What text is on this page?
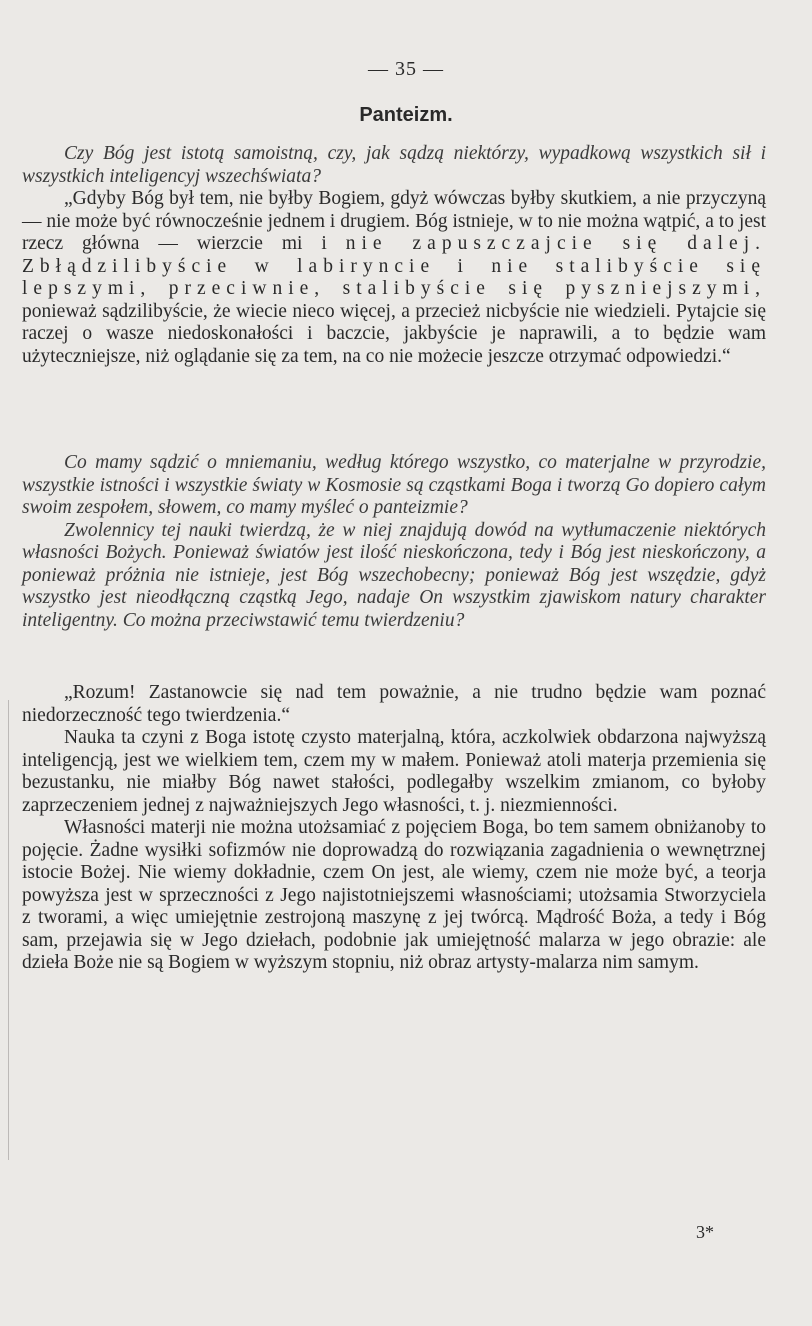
— 35 —
Panteizm.

Czy Bóg jest istotą samoistną, czy, jak sądzą niektórzy, wypadkową wszystkich sił i wszystkich inteligencyj wszechświata?

„Gdyby Bóg był tem, nie byłby Bogiem, gdyż wówczas byłby skutkiem, a nie przyczyną — nie może być równocześnie jednem i drugiem. Bóg istnieje, w to nie można wątpić, a to jest rzecz główna — wierzcie mi i nie zapuszczajcie się dalej. Zbłądzilibyście w labiryncie i nie stalibyście się lepszymi, przeciwnie, stalibyście się pyszniejszymi, ponieważ sądzilibyście, że wiecie nieco więcej, a przecież nicbyście nie wiedzieli. Pytajcie się raczej o wasze niedoskonałości i baczcie, jakbyście je naprawili, a to będzie wam użyteczniejsze, niż oglądanie się za tem, na co nie możecie jeszcze otrzymać odpowiedzi.“

Co mamy sądzić o mniemaniu, według którego wszystko, co materjalne w przyrodzie, wszystkie istności i wszystkie światy w Kosmosie są cząstkami Boga i tworzą Go dopiero całym swoim zespołem, słowem, co mamy myśleć o panteizmie?

Zwolennicy tej nauki twierdzą, że w niej znajdują dowód na wytłumaczenie niektórych własności Bożych. Ponieważ światów jest ilość nieskończona, tedy i Bóg jest nieskończony, a ponieważ próżnia nie istnieje, jest Bóg wszechobecny; ponieważ Bóg jest wszędzie, gdyż wszystko jest nieodłączną cząstką Jego, nadaje On wszystkim zjawiskom natury charakter inteligentny. Co można przeciwstawić temu twierdzeniu?

„Rozum! Zastanowcie się nad tem poważnie, a nie trudno będzie wam poznać niedorzeczność tego twierdzenia.“

Nauka ta czyni z Boga istotę czysto materjalną, która, aczkolwiek obdarzona najwyższą inteligencją, jest we wielkiem tem, czem my w małem. Ponieważ atoli materja przemienia się bezustanku, nie miałby Bóg nawet stałości, podlegałby wszelkim zmianom, co byłoby zaprzeczeniem jednej z najważniejszych Jego własności, t. j. niezmienności.

Własności materji nie można utożsamiać z pojęciem Boga, bo tem samem obniżanoby to pojęcie. Żadne wysiłki sofizmów nie doprowadzą do rozwiązania zagadnienia o wewnętrznej istocie Bożej. Nie wiemy dokładnie, czem On jest, ale wiemy, czem nie może być, a teorja powyższa jest w sprzeczności z Jego najistotniejszemi własnościami; utożsamia Stworzyciela z tworami, a więc umiejętnie zestrojoną maszynę z jej twórcą. Mądrość Boża, a tedy i Bóg sam, przejawia się w Jego dziełach, podobnie jak umiejętność malarza w jego obrazie: ale dzieła Boże nie są Bogiem w wyższym stopniu, niż obraz artysty-malarza nim samym.

3*
